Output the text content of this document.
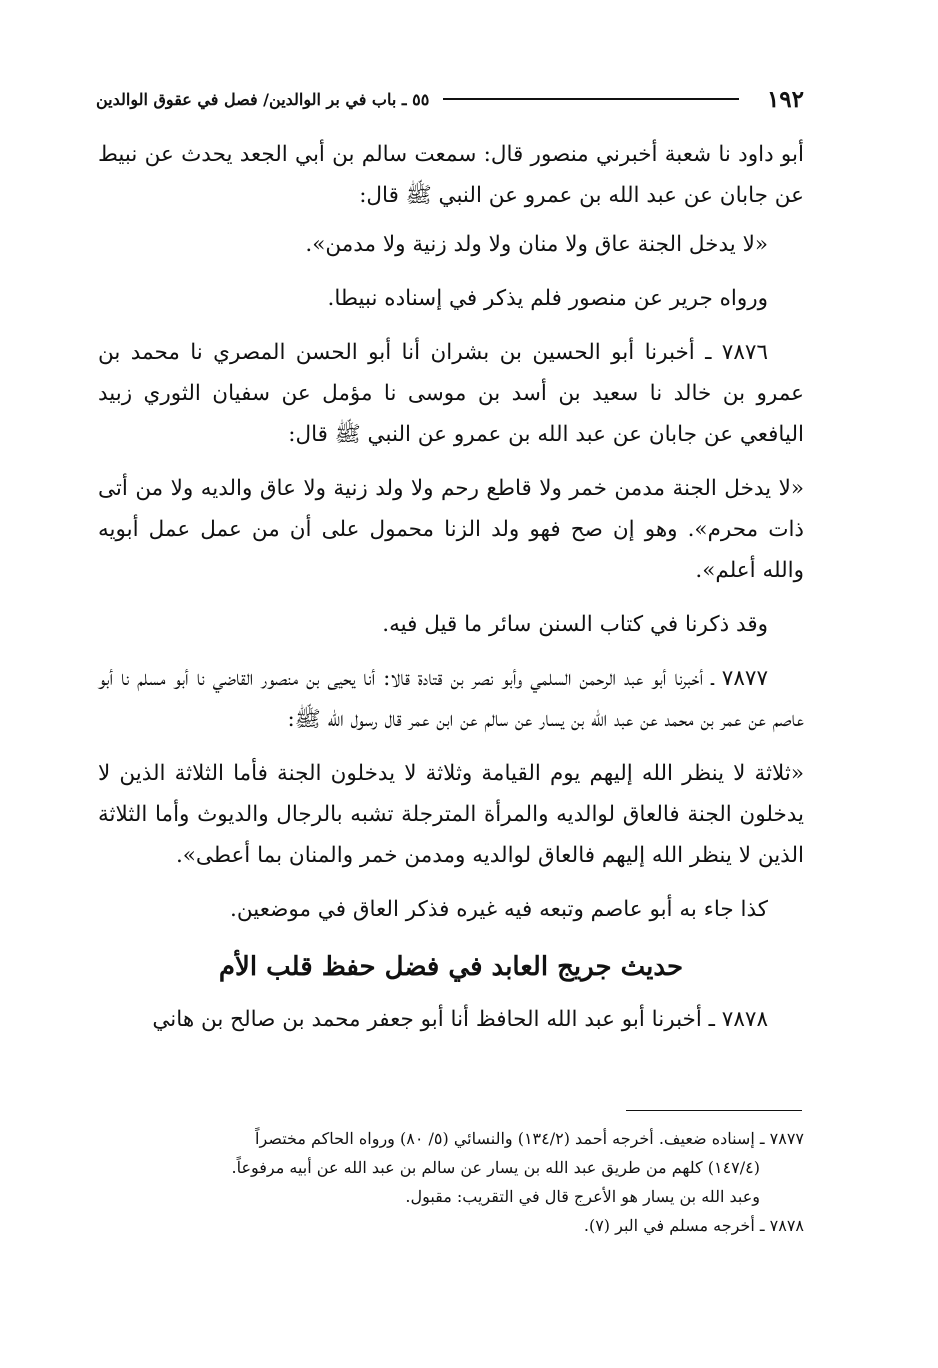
١٩٢
٥٥ ـ باب في بر الوالدين/ فصل في عقوق الوالدين

أبو داود نا شعبة أخبرني منصور قال: سمعت سالم بن أبي الجعد يحدث عن نبيط عن جابان عن عبد الله بن عمرو عن النبي ﷺ قال:

«لا يدخل الجنة عاق ولا منان ولا ولد زنية ولا مدمن».

ورواه جرير عن منصور فلم يذكر في إسناده نبيطا.

٧٨٧٦ ـ أخبرنا أبو الحسين بن بشران أنا أبو الحسن المصري نا محمد بن عمرو بن خالد نا سعيد بن أسد بن موسى نا مؤمل عن سفيان الثوري زبيد اليافعي عن جابان عن عبد الله بن عمرو عن النبي ﷺ قال:

«لا يدخل الجنة مدمن خمر ولا قاطع رحم ولا ولد زنية ولا عاق والديه ولا من أتى ذات محرم». وهو إن صح فهو ولد الزنا محمول على أن من عمل عمل أبويه والله أعلم».

وقد ذكرنا في كتاب السنن سائر ما قيل فيه.

٧٨٧٧ ـ أخبرنا أبو عبد الرحمن السلمي وأبو نصر بن قتادة قالا: أنا يحيى بن منصور القاضي نا أبو مسلم نا أبو عاصم عن عمر بن محمد عن عبد الله بن يسار عن سالم عن ابن عمر قال رسول الله ﷺ:

«ثلاثة لا ينظر الله إليهم يوم القيامة وثلاثة لا يدخلون الجنة فأما الثلاثة الذين لا يدخلون الجنة فالعاق لوالديه والمرأة المترجلة تشبه بالرجال والديوث وأما الثلاثة الذين لا ينظر الله إليهم فالعاق لوالديه ومدمن خمر والمنان بما أعطى».

كذا جاء به أبو عاصم وتبعه فيه غيره فذكر العاق في موضعين.

حديث جريج العابد في فضل حفظ قلب الأم

٧٨٧٨ ـ أخبرنا أبو عبد الله الحافظ أنا أبو جعفر محمد بن صالح بن هاني

٧٨٧٧ ـ إسناده ضعيف. أخرجه أحمد (١٣٤/٢) والنسائي (٥/ ٨٠) ورواه الحاكم مختصراً

(١٤٧/٤) كلهم من طريق عبد الله بن يسار عن سالم بن عبد الله عن أبيه مرفوعاً.

وعبد الله بن يسار هو الأعرج قال في التقريب: مقبول.

٧٨٧٨ ـ أخرجه مسلم في البر (٧).
